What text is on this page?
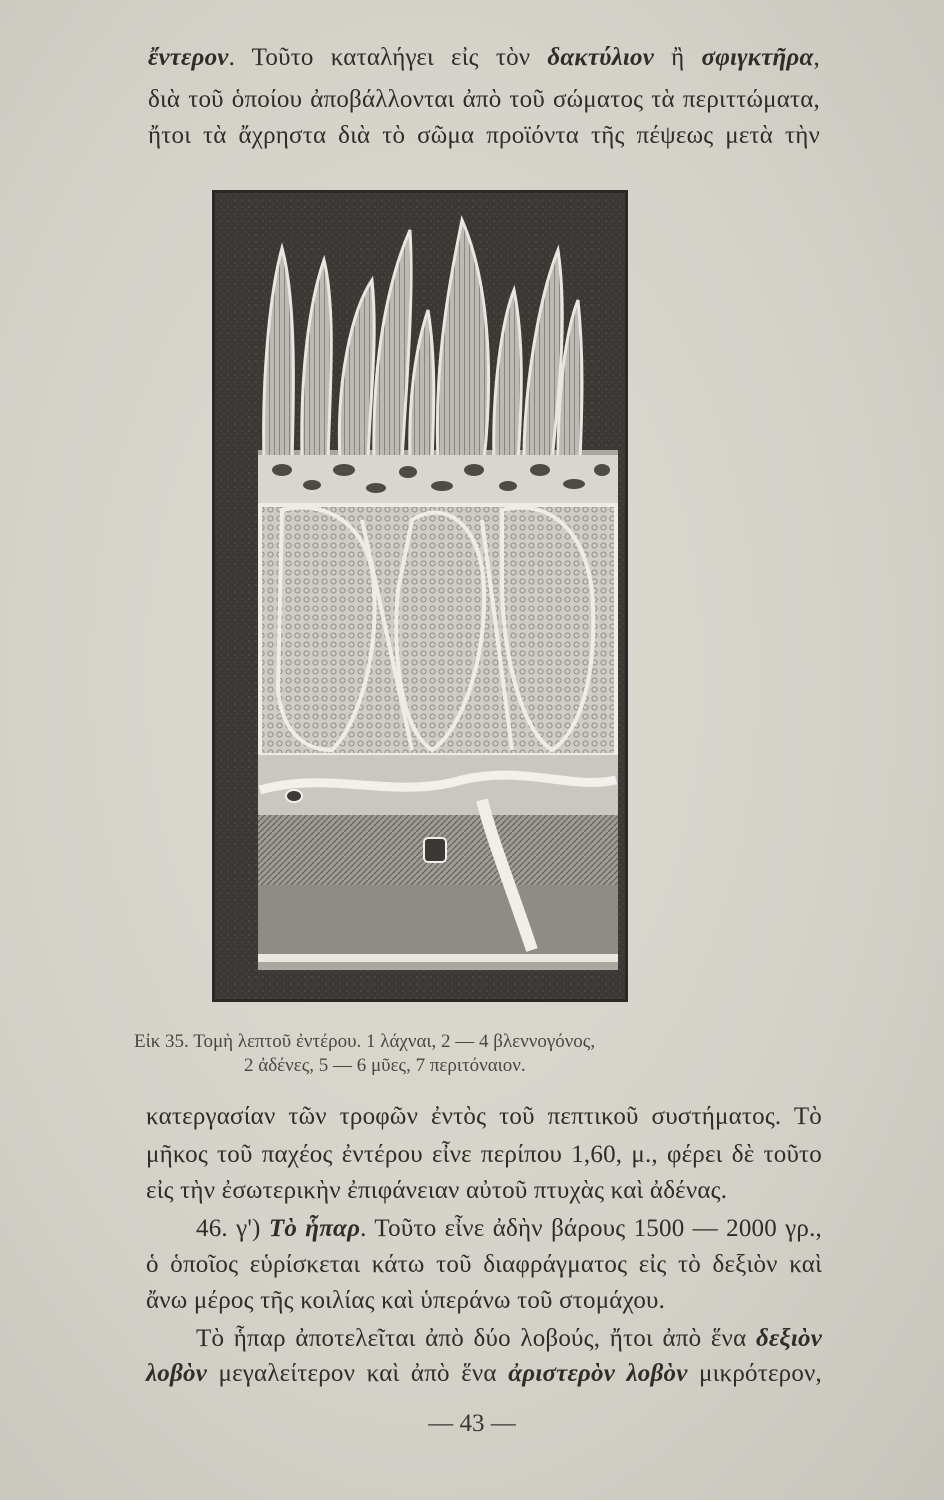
ἔντερον. Τοῦτο καταλήγει εἰς τὸν δακτύλιον ἢ σφιγκτῆρα,
διὰ τοῦ ὁποίου ἀποβάλλονται ἀπὸ τοῦ σώματος τὰ περιττώματα,
ἤτοι τὰ ἄχρηστα διὰ τὸ σῶμα προϊόντα τῆς πέψεως μετὰ τὴν
Εἰκ 35. Τομὴ λεπτοῦ ἐντέρου. 1 λάχναι, 2 — 4 βλεννογόνος,
2 ἀδένες, 5 — 6 μῦες, 7 περιτόναιον.
κατεργασίαν τῶν τροφῶν ἐντὸς τοῦ πεπτικοῦ συστήματος. Τὸ
μῆκος τοῦ παχέος ἐντέρου εἶνε περίπου 1,60, μ., φέρει δὲ τοῦτο
εἰς τὴν ἐσωτερικὴν ἐπιφάνειαν αὐτοῦ πτυχὰς καὶ ἀδένας.
46. γ') Τὸ ἧπαρ. Τοῦτο εἶνε ἀδὴν βάρους 1500 — 2000 γρ.,
ὁ ὁποῖος εὑρίσκεται κάτω τοῦ διαφράγματος εἰς τὸ δεξιὸν καὶ
ἄνω μέρος τῆς κοιλίας καὶ ὑπεράνω τοῦ στομάχου.
Τὸ ἧπαρ ἀποτελεῖται ἀπὸ δύο λοβούς, ἤτοι ἀπὸ ἕνα δεξιὸν
λοβὸν μεγαλείτερον καὶ ἀπὸ ἕνα ἀριστερὸν λοβὸν μικρότερον,
— 43 —
